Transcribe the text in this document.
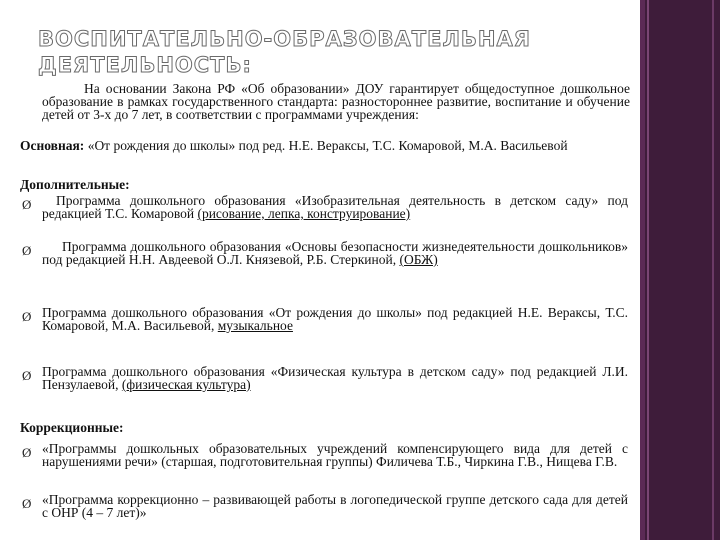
ВОСПИТАТЕЛЬНО-ОБРАЗОВАТЕЛЬНАЯ ДЕЯТЕЛЬНОСТЬ:
На основании Закона РФ «Об образовании» ДОУ гарантирует общедоступное дошкольное образование в рамках государственного стандарта: разностороннее развитие, воспитание и обучение детей от 3-х до 7 лет, в соответствии с программами учреждения:
Основная: «От рождения до школы» под ред. Н.Е. Вераксы, Т.С. Комаровой, М.А. Васильевой
Дополнительные:
Ø	Программа дошкольного образования «Изобразительная деятельность в детском саду» под редакцией Т.С. Комаровой (рисование, лепка, конструирование)
Ø	Программа дошкольного образования «Основы безопасности жизнедеятельности дошкольников» под редакцией Н.Н. Авдеевой О.Л. Князевой, Р.Б. Стеркиной, (ОБЖ)
Ø Программа дошкольного образования «От рождения до школы» под редакцией Н.Е. Вераксы, Т.С. Комаровой, М.А. Васильевой, музыкальное
Ø Программа дошкольного образования «Физическая культура в детском саду» под редакцией Л.И. Пензулаевой, (физическая культура)
Коррекционные:
Ø «Программы дошкольных образовательных учреждений компенсирующего вида для детей с нарушениями речи» (старшая, подготовительная группы) Филичева Т.Б., Чиркина Г.В., Нищева Г.В.
Ø «Программа коррекционно – развивающей работы в логопедической группе детского сада для детей с ОНР (4 – 7 лет)»
